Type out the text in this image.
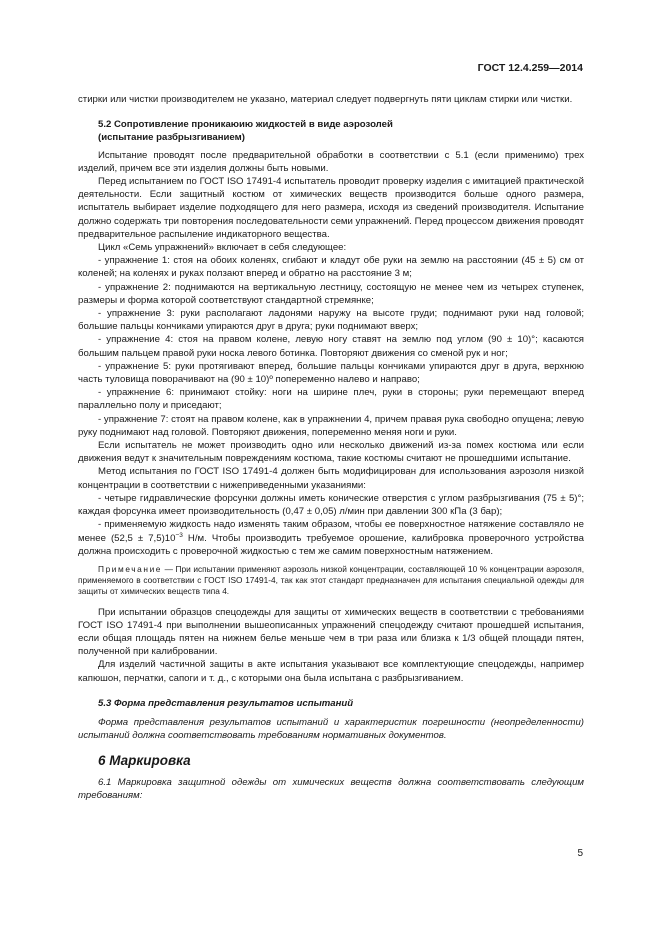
ГОСТ 12.4.259—2014

стирки или чистки производителем не указано, материал следует подвергнуть пяти циклам стирки или чистки.

5.2 Сопротивление проникаюию жидкостей в виде аэрозолей

(испытание разбрызгиванием)

Испытание проводят после предварительной обработки в соответствии с 5.1 (если применимо) трех изделий, причем все эти изделия должны быть новыми.

Перед испытанием по ГОСТ ISO 17491-4 испытатель проводит проверку изделия с имитацией практической деятельности. Если защитный костюм от химических веществ производится больше одного размера, испытатель выбирает изделие подходящего для него размера, исходя из сведений производителя. Испытание должно содержать три повторения последовательности семи упражнений. Перед процессом движения проводят предварительное распыление индикаторного вещества.

Цикл «Семь упражнений» включает в себя следующее:

- упражнение 1: стоя на обоих коленях, сгибают и кладут обе руки на землю на расстоянии (45 ± 5) см от коленей; на коленях и руках ползают вперед и обратно на расстояние 3 м;

- упражнение 2: поднимаются на вертикальную лестницу, состоящую не менее чем из четырех ступенек, размеры и форма которой соответствуют стандартной стремянке;

- упражнение 3: руки располагают ладонями наружу на высоте груди; поднимают руки над головой; большие пальцы кончиками упираются друг в друга; руки поднимают вверх;

- упражнение 4: стоя на правом колене, левую ногу ставят на землю под углом (90 ± 10)°; касаются большим пальцем правой руки носка левого ботинка. Повторяют движения со сменой рук и ног;

- упражнение 5: руки протягивают вперед, большие пальцы кончиками упираются друг в друга, верхнюю часть туловища поворачивают на (90 ± 10)º попеременно налево и направо;

- упражнение 6: принимают стойку: ноги на ширине плеч, руки в стороны; руки перемещают вперед параллельно полу и приседают;

- упражнение 7: стоят на правом колене, как в упражнении 4, причем правая рука свободно опущена; левую руку поднимают над головой. Повторяют движения, попеременно меняя ноги и руки.

Если испытатель не может производить одно или несколько движений из-за помех костюма или если движения ведут к значительным повреждениям костюма, такие костюмы считают не прошедшими испытание.

Метод испытания по ГОСТ ISO 17491-4 должен быть модифицирован для использования аэрозоля низкой концентрации в соответствии с нижеприведенными указаниями:

- четыре гидравлические форсунки должны иметь конические отверстия с углом разбрызгивания (75 ± 5)°; каждая форсунка имеет производительность (0,47 ± 0,05) л/мин при давлении 300 кПа (3 бар);

- применяемую жидкость надо изменять таким образом, чтобы ее поверхностное натяжение составляло не менее $(52,5 \pm 7,5)10^{-3}$ Н/м. Чтобы производить требуемое орошение, калибровка проверочного устройства должна происходить с проверочной жидкостью с тем же самим поверхностным натяжением.

Примечание — При испытании применяют аэрозоль низкой концентрации, составляющей 10 % концентрации аэрозоля, применяемого в соответствии с ГОСТ ISO 17491-4, так как этот стандарт предназначен для испытания специальной одежды для защиты от химических веществ типа 4.

При испытании образцов спецодежды для защиты от химических веществ в соответствии с требованиями ГОСТ ISO 17491-4 при выполнении вышеописанных упражнений спецодежду считают прошедшей испытания, если общая площадь пятен на нижнем белье меньше чем в три раза или близка к 1/3 общей площади пятен, полученной при калибровании.

Для изделий частичной защиты в акте испытания указывают все комплектующие спецодежды, например капюшон, перчатки, сапоги и т. д., с которыми она была испытана с разбрызгиванием.

5.3 Форма представления результатов испытаний

Форма представления результатов испытаний и характеристик погрешности (неопределенности) испытаний должна соответствовать требованиям нормативных документов.

6 Маркировка

6.1 Маркировка защитной одежды от химических веществ должна соответствовать следующим требованиям:

5
